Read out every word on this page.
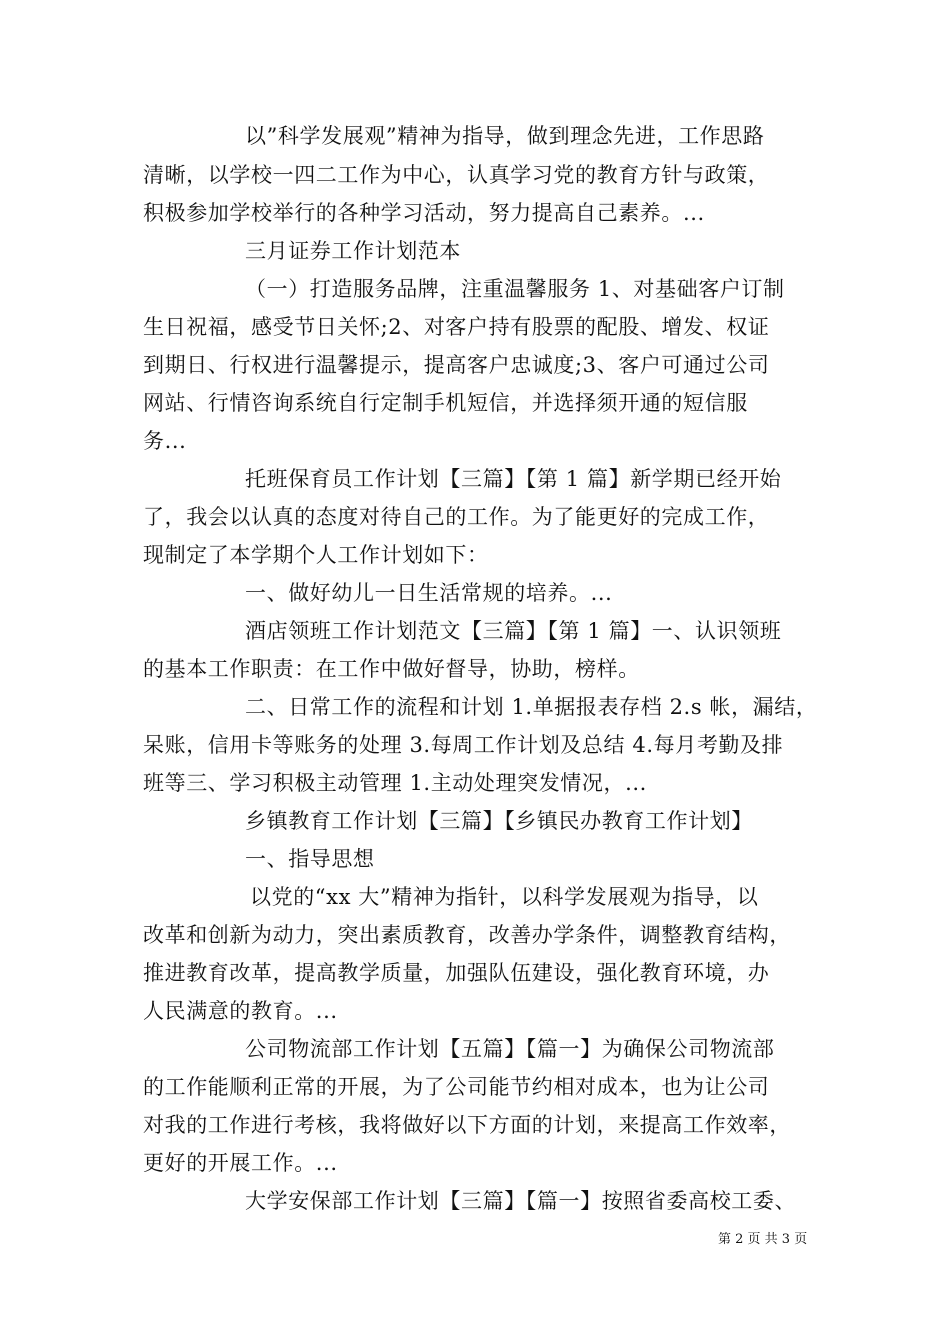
以”科学发展观”精神为指导，做到理念先进，工作思路
清晰，以学校一四二工作为中心，认真学习党的教育方针与政策，
积极参加学校举行的各种学习活动，努力提高自己素养。...
三月证券工作计划范本
（一）打造服务品牌，注重温馨服务 1、对基础客户订制
生日祝福，感受节日关怀;2、对客户持有股票的配股、增发、权证
到期日、行权进行温馨提示，提高客户忠诚度;3、客户可通过公司
网站、行情咨询系统自行定制手机短信，并选择须开通的短信服
务...
托班保育员工作计划【三篇】【第 1 篇】新学期已经开始
了，我会以认真的态度对待自己的工作。为了能更好的完成工作，
现制定了本学期个人工作计划如下：
一、做好幼儿一日生活常规的培养。...
酒店领班工作计划范文【三篇】【第 1 篇】一、认识领班
的基本工作职责：在工作中做好督导，协助，榜样。
二、日常工作的流程和计划 1.单据报表存档 2.s 帐，漏结，
呆账，信用卡等账务的处理 3.每周工作计划及总结 4.每月考勤及排
班等三、学习积极主动管理 1.主动处理突发情况，...
乡镇教育工作计划【三篇】【乡镇民办教育工作计划】
一、指导思想
以党的“xx 大”精神为指针，以科学发展观为指导，以
改革和创新为动力，突出素质教育，改善办学条件，调整教育结构，
推进教育改革，提高教学质量，加强队伍建设，强化教育环境，办
人民满意的教育。...
公司物流部工作计划【五篇】【篇一】为确保公司物流部
的工作能顺利正常的开展，为了公司能节约相对成本，也为让公司
对我的工作进行考核，我将做好以下方面的计划，来提高工作效率，
更好的开展工作。...
大学安保部工作计划【三篇】【篇一】按照省委高校工委、
第 2 页 共 3 页
